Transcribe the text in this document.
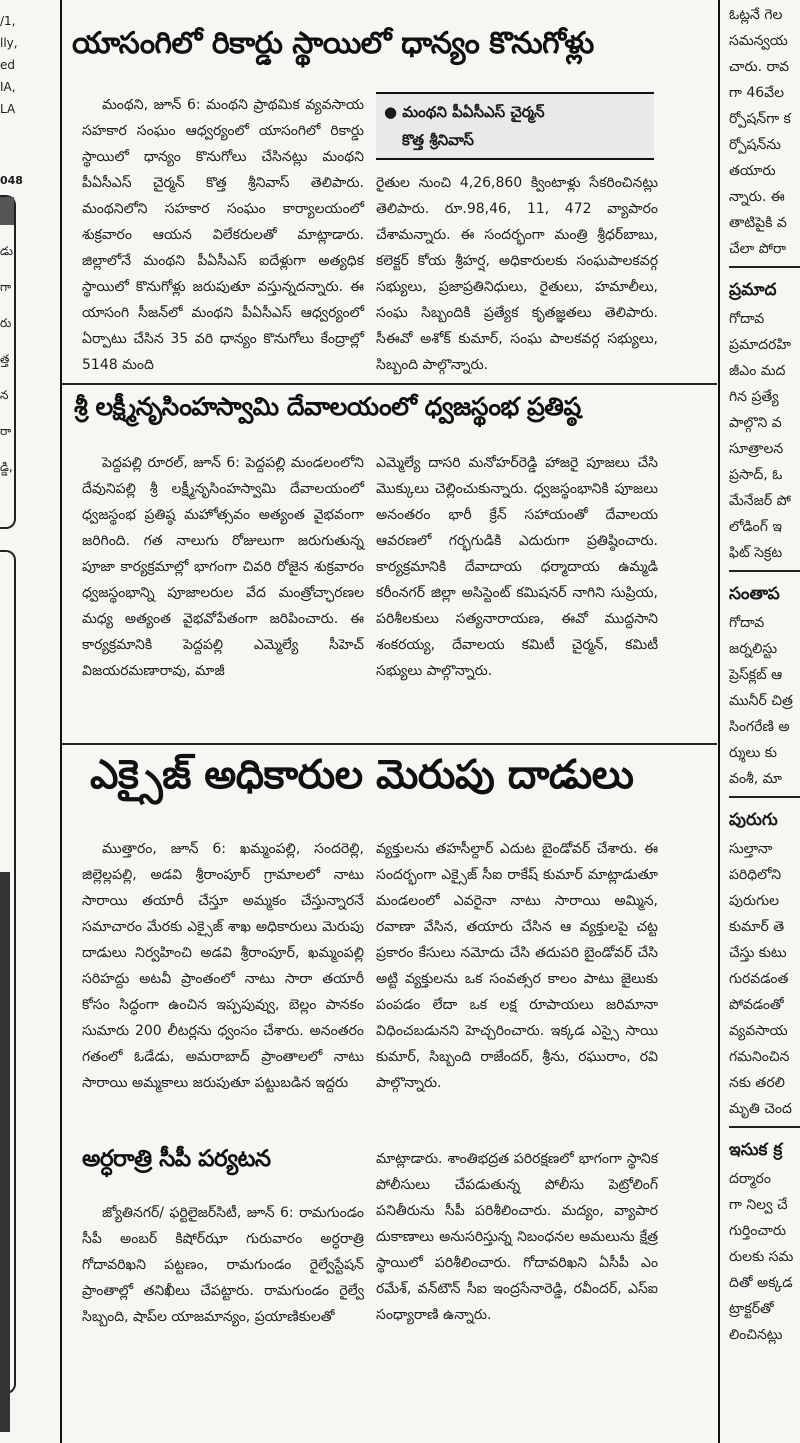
/1,
lly,
ed
IA,
LA
048
డు
గా
రు
త్త
న
రా
డ్డి,
యాసంగిలో రికార్డు స్థాయిలో ధాన్యం కొనుగోళ్లు

మంథని, జూన్ 6: మంథని ప్రాథమిక వ్యవసాయ సహకార సంఘం ఆధ్వర్యంలో యాసంగిలో రికార్డు స్థాయిలో ధాన్యం కొనుగోలు చేసినట్లు మంథని పీఏసీఎస్ చైర్మన్ కొత్త శ్రీనివాస్ తెలిపారు. మంథనిలోని సహకార సంఘం కార్యాలయంలో శుక్రవారం ఆయన విలేకరులతో మాట్లాడారు. జిల్లాలోనే మంథని పీఏసీఎస్ ఐదేళ్లుగా అత్యధిక స్థాయిలో కొనుగోళ్లు జరుపుతూ వస్తున్నదన్నారు. ఈ యాసంగి సీజన్‌లో మంథని పీఏసీఎస్ ఆధ్వర్యంలో ఏర్పాటు చేసిన 35 వరి ధాన్యం కొనుగోలు కేంద్రాల్లో 5148 మంది

● మంథని పీఏసీఎస్ చైర్మన్
కొత్త శ్రీనివాస్

రైతుల నుంచి 4,26,860 క్వింటాళ్లు సేకరించినట్లు తెలిపారు. రూ.98,46, 11, 472 వ్యాపారం చేశామన్నారు. ఈ సందర్భంగా మంత్రి శ్రీధర్‌బాబు, కలెక్టర్ కోయ శ్రీహర్ష, అధికారులకు సంఘపాలకవర్గ సభ్యులు, ప్రజాప్రతినిధులు, రైతులు, హమాలీలు, సంఘ సిబ్బందికి ప్రత్యేక కృతజ్ఞతలు తెలిపారు. సీఈవో అశోక్ కుమార్, సంఘ పాలకవర్గ సభ్యులు, సిబ్బంది పాల్గొన్నారు.

శ్రీ లక్ష్మీనృసింహస్వామి దేవాలయంలో ధ్వజస్థంభ ప్రతిష్ఠ

పెద్దపల్లి రూరల్, జూన్ 6: పెద్దపల్లి మండలంలోని దేవునిపల్లి శ్రీ లక్ష్మీనృసింహస్వామి దేవాలయంలో ధ్వజస్థంభ ప్రతిష్ఠ మహోత్సవం అత్యంత వైభవంగా జరిగింది. గత నాలుగు రోజులుగా జరుగుతున్న పూజా కార్యక్రమాల్లో భాగంగా చివరి రోజైన శుక్రవారం ధ్వజస్థంభాన్ని పూజాలరుల వేద మంత్రోచ్ఛారణల మధ్య అత్యంత వైభవోపేతంగా జరిపించారు. ఈ కార్యక్రమానికి పెద్దపల్లి ఎమ్మెల్యే సీహెచ్ విజయరమణారావు, మాజీ

ఎమ్మెల్యే దాసరి మనోహర్‌రెడ్డి హాజరై పూజలు చేసి మొక్కులు చెల్లించుకున్నారు. ధ్వజస్థంభానికి పూజలు అనంతరం భారీ క్రేన్ సహాయంతో దేవాలయ ఆవరణలో గర్భగుడికి ఎదురుగా ప్రతిష్ఠించారు. కార్యక్రమానికి దేవాదాయ ధర్మాదాయ ఉమ్మడి కరీంనగర్ జిల్లా అసిస్టెంట్ కమిషనర్ నాగిని సుప్రియ, పరిశీలకులు సత్యనారాయణ, ఈవో ముద్దసాని శంకరయ్య, దేవాలయ కమిటీ చైర్మన్, కమిటీ సభ్యులు పాల్గొన్నారు.

ఎక్సైజ్ అధికారుల మెరుపు దాడులు

ముత్తారం, జూన్ 6: ఖమ్మంపల్లి, సందరెల్లి, జిల్లెల్లపల్లి, అడవి శ్రీరాంపూర్ గ్రామాలలో నాటు సారాయి తయారీ చేస్తూ అమ్మకం చేస్తున్నారనే సమాచారం మేరకు ఎక్సైజ్ శాఖ అధికారులు మెరుపు దాడులు నిర్వహించి అడవి శ్రీరాంపూర్, ఖమ్మంపల్లి సరిహద్దు అటవీ ప్రాంతంలో నాటు సారా తయారీ కోసం సిద్ధంగా ఉంచిన ఇప్పపువ్వు, బెల్లం పానకం సుమారు 200 లీటర్లను ధ్వంసం చేశారు. అనంతరం గతంలో ఓడేడు, అమరాబాద్ ప్రాంతాలలో నాటు సారాయి అమ్మకాలు జరుపుతూ పట్టుబడిన ఇద్దరు

వ్యక్తులను తహసీల్దార్ ఎదుట బైండోవర్ చేశారు. ఈ సందర్భంగా ఎక్సైజ్ సీఐ రాకేష్ కుమార్ మాట్లాడుతూ మండలంలో ఎవరైనా నాటు సారాయి అమ్మిన, రవాణా వేసిన, తయారు చేసిన ఆ వ్యక్తులపై చట్ట ప్రకారం కేసులు నమోదు చేసి తదుపరి బైండోవర్ చేసి అట్టి వ్యక్తులను ఒక సంవత్సర కాలం పాటు జైలుకు పంపడం లేదా ఒక లక్ష రూపాయలు జరిమానా విధించబడునని హెచ్చరించారు. ఇక్కడ ఎస్సై సాయి కుమార్, సిబ్బంది రాజేందర్, శ్రీను, రఘురాం, రవి పాల్గొన్నారు.

అర్ధరాత్రి సీపీ పర్యటన

జ్యోతినగర్/ ఫర్టిలైజర్‌సిటీ, జూన్ 6: రామగుండం సీపీ అంబర్ కిషోర్‌ఝా గురువారం అర్ధరాత్రి గోదావరిఖని పట్టణం, రామగుండం రైల్వేస్టేషన్ ప్రాంతాల్లో తనిఖీలు చేపట్టారు. రామగుండం రైల్వే సిబ్బంది, షాప్‌ల యాజమాన్యం, ప్రయాణికులతో

మాట్లాడారు. శాంతిభద్రత పరిరక్షణలో భాగంగా స్థానిక పోలీసులు చేపడుతున్న పోలీసు పెట్రోలింగ్ పనితీరును సీపీ పరిశీలించారు. మద్యం, వ్యాపార దుకాణాలు అనుసరిస్తున్న నిబంధనల అమలును క్షేత్ర స్థాయిలో పరిశీలించారు. గోదావరిఖని ఏసీపీ ఎం రమేశ్, వన్‌టౌన్ సీఐ ఇంద్రసేనారెడ్డి, రవీందర్, ఎస్ఐ సంధ్యారాణి ఉన్నారు.

ఓట్లనే గెల
సమన్వయ
చారు. రావ
గా 46వేల
ర్పోషన్‌గా క
ర్పోషన్‌ను
తయారు
న్నారు. ఈ
తాటిపైకి వ
చేలా పోరా
ప్రమాద
గోదావ
ప్రమాదరహి
జీఎం మద
గిన ప్రత్యే
పాల్గొని వ
సూత్రాలన
ప్రసాద్, ఓ
మేనేజర్ పో
లోడింగ్ ఇ
ఫిట్ సెక్రట
సంతాప
గోదావ
జర్నలిస్టు
ప్రెస్‌క్లబ్ ఆ
మునీర్ చిత్ర
సింగరేణి అ
ర్శులు కు
వంశీ, మా
పురుగు
సుల్తానా
పరిధిలోని
పురుగుల
కుమార్ తె
చేస్తు కుటు
గురవడంత
పోవడంతో
వ్యవసాయ
గమనించిన
నకు తరలి
మృతి చెంద
ఇసుక క్ర
దర్మారం
గా నిల్వ చే
గుర్తించారు
రులకు సమ
దితో అక్కడ
ట్రాక్టర్‌తో
లించినట్లు
